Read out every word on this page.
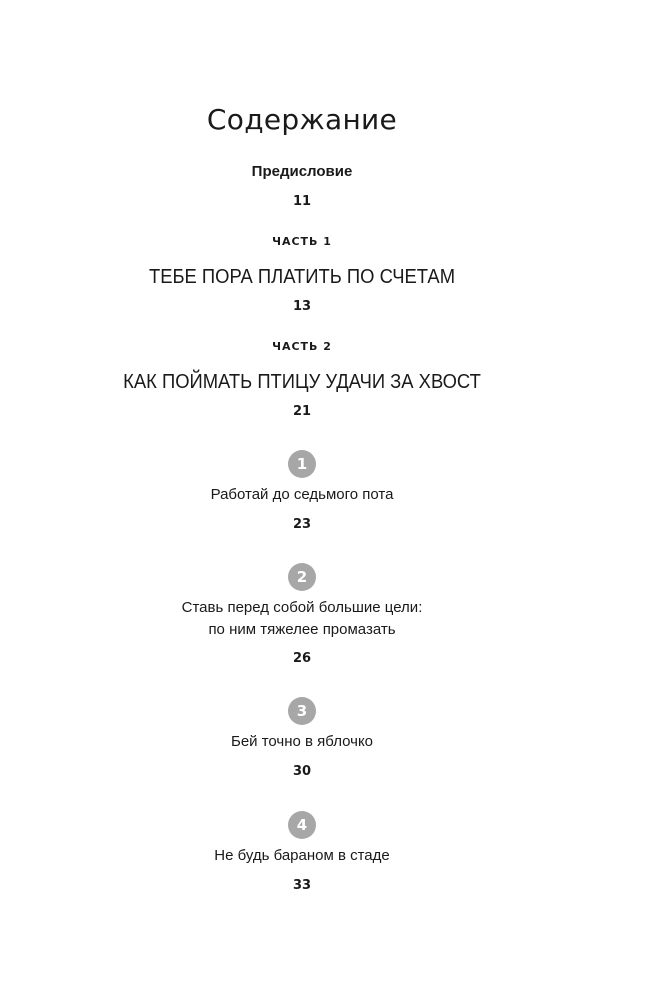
Содержание
Предисловие
11
ЧАСТЬ 1
ТЕБЕ ПОРА ПЛАТИТЬ ПО СЧЕТАМ
13
ЧАСТЬ 2
КАК ПОЙМАТЬ ПТИЦУ УДАЧИ ЗА ХВОСТ
21
1
Работай до седьмого пота
23
2
Ставь перед собой большие цели:
по ним тяжелее промазать
26
3
Бей точно в яблочко
30
4
Не будь бараном в стаде
33
